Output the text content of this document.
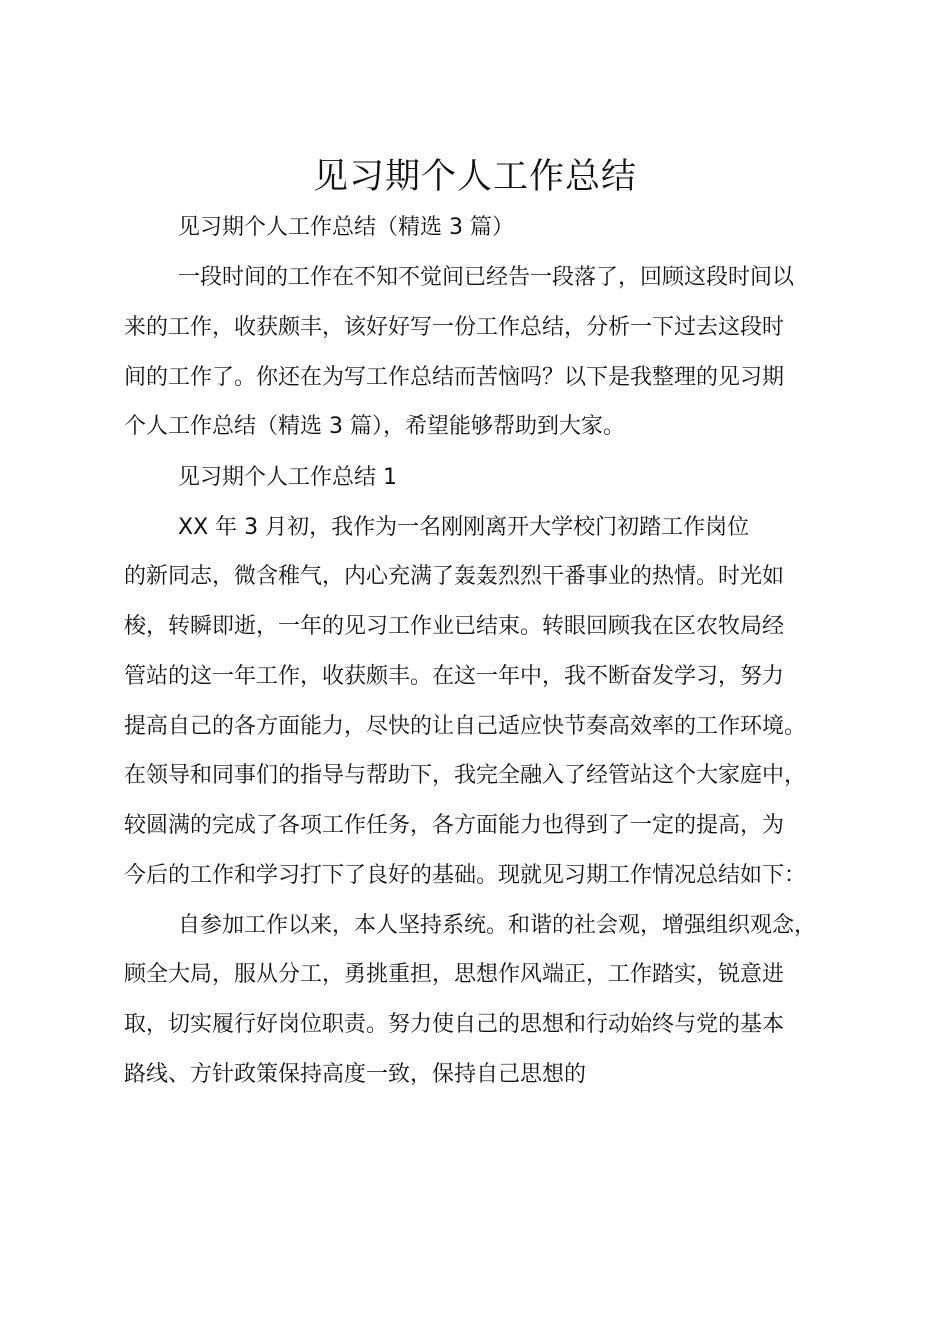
见习期个人工作总结
见习期个人工作总结（精选 3 篇）
一段时间的工作在不知不觉间已经告一段落了，回顾这段时间以
来的工作，收获颇丰，该好好写一份工作总结，分析一下过去这段时
间的工作了。你还在为写工作总结而苦恼吗？以下是我整理的见习期
个人工作总结（精选 3 篇），希望能够帮助到大家。
见习期个人工作总结 1
XX 年 3 月初，我作为一名刚刚离开大学校门初踏工作岗位
的新同志，微含稚气，内心充满了轰轰烈烈干番事业的热情。时光如
梭，转瞬即逝，一年的见习工作业已结束。转眼回顾我在区农牧局经
管站的这一年工作，收获颇丰。在这一年中，我不断奋发学习，努力
提高自己的各方面能力，尽快的让自己适应快节奏高效率的工作环境。
在领导和同事们的指导与帮助下，我完全融入了经管站这个大家庭中，
较圆满的完成了各项工作任务，各方面能力也得到了一定的提高，为
今后的工作和学习打下了良好的基础。现就见习期工作情况总结如下：
自参加工作以来，本人坚持系统。和谐的社会观，增强组织观念，
顾全大局，服从分工，勇挑重担，思想作风端正，工作踏实，锐意进
取，切实履行好岗位职责。努力使自己的思想和行动始终与党的基本
路线、方针政策保持高度一致，保持自己思想的
